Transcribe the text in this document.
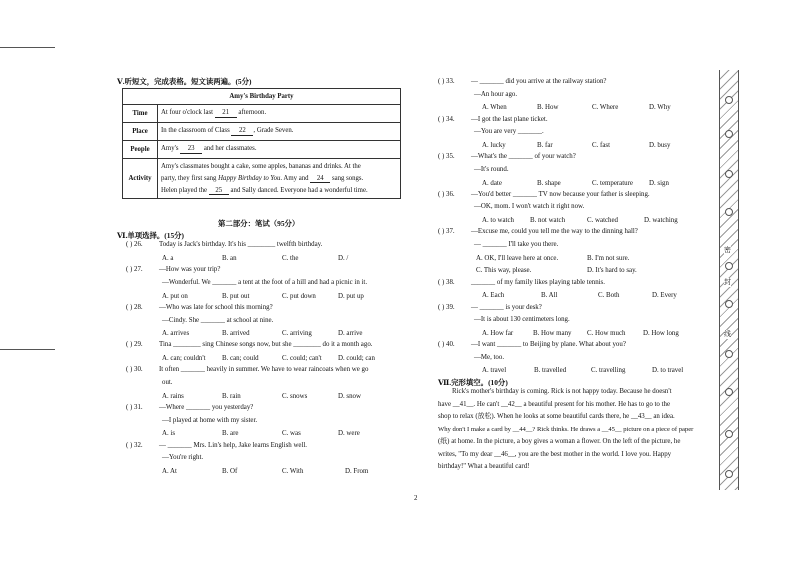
Ⅴ.听短文，完成表格。短文读两遍。(5分)
Amy's Birthday Party	
Time	At four o'clock last 21 afternoon.
Place	In the classroom of Class 22 , Grade Seven.
People	Amy's 23 and her classmates.
Activity	Amy's classmates bought a cake, some apples, bananas and drinks. At the
party, they first sang Happy Birthday to You. Amy and 24 sang songs.
Helen played the 25 and Sally danced. Everyone had a wonderful time.
第二部分：笔试（95分）
Ⅵ.单项选择。(15分)
( ) 26. Today is Jack's birthday. It's his ________ twelfth birthday.
A. a	B. an	C. the	D. /
( ) 27. —How was your trip?
—Wonderful. We _______ a tent at the foot of a hill and had a picnic in it.
A. put on	B. put out	C. put down	D. put up
( ) 28. —Who was late for school this morning?
—Cindy. She _______ at school at nine.
A. arrives	B. arrived	C. arriving	D. arrive
( ) 29. Tina ________ sing Chinese songs now, but she ________ do it a month ago.
A. can; couldn't B. can; could	C. could; can't D. could; can
( ) 30. It often _______ heavily in summer. We have to wear raincoats when we go
out.
A. rains	B. rain	C. snows	D. snow
( ) 31. —Where _______ you yesterday?
—I played at home with my sister.
A. is	B. are	C. was	D. were
( ) 32. — _______ Mrs. Lin's help, Jake learns English well.
—You're right.
A. At	B. Of	C. With	D. From
( ) 33. — _______ did you arrive at the railway station?
—An hour ago.
A. When	B. How	C. Where	D. Why
( ) 34. —I got the last plane ticket.
—You are very _______.
A. lucky	B. far	C. fast	D. busy
( ) 35. —What's the _______ of your watch?
—It's round.
A. date	B. shape	C. temperature D. sign
( ) 36. —You'd better _______ TV now because your father is sleeping.
—OK, mom. I won't watch it right now.
A. to watch B. not watch	C. watched	D. watching
( ) 37. —Excuse me, could you tell me the way to the dinning hall?
— _______ I'll take you there.
A. OK, I'll leave here at once.	B. I'm not sure.
C. This way, please.	D. It's hard to say.
( ) 38. _______ of my family likes playing table tennis.
A. Each	B. All	C. Both	D. Every
( ) 39. — _______ is your desk?
—It is about 130 centimeters long.
A. How far	B. How many C. How much	D. How long
( ) 40. —I want _______ to Beijing by plane. What about you?
—Me, too.
A. travel	B. travelled	C. travelling	D. to travel
Ⅶ.完形填空。(10分)
Rick's mother's birthday is coming. Rick is not happy today. Because he doesn't
have __41__. He can't __42__ a beautiful present for his mother. He has to go to the
shop to relax (放松). When he looks at some beautiful cards there, he __43__ an idea.
Why don't I make a card by __44__? Rick thinks. He draws a __45__ picture on a piece of paper
(纸) at home. In the picture, a boy gives a woman a flower. On the left of the picture, he
writes, "To my dear __46__, you are the best mother in the world. I love you. Happy
birthday!" What a beautiful card!
2
密
封
线
